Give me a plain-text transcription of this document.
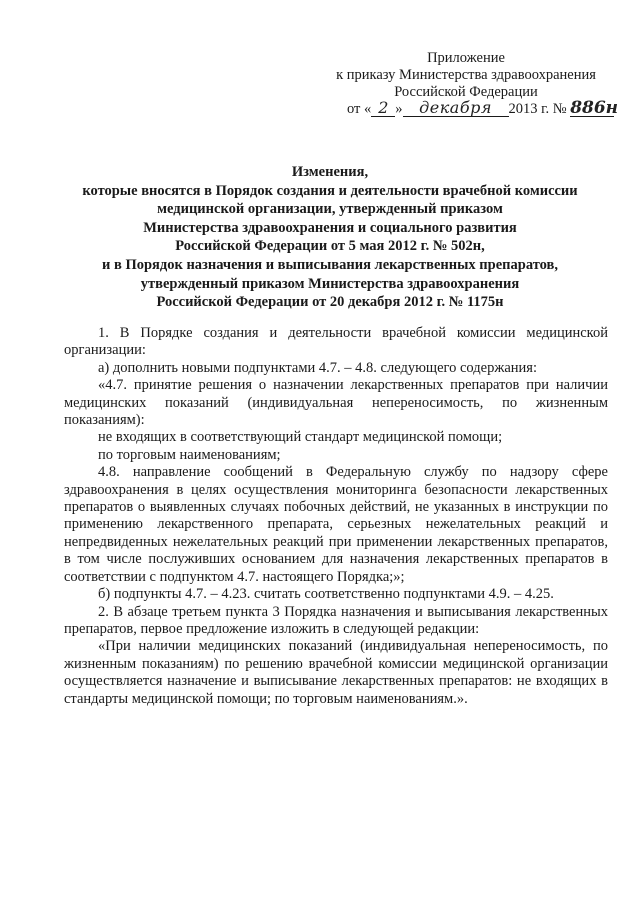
Приложение
к приказу Министерства здравоохранения
Российской Федерации
от « 2 » декабря 2013 г. № 886н
Изменения,
которые вносятся в Порядок создания и деятельности врачебной комиссии
медицинской организации, утвержденный приказом
Министерства здравоохранения и социального развития
Российской Федерации от 5 мая 2012 г. № 502н,
и в Порядок назначения и выписывания лекарственных препаратов,
утвержденный приказом Министерства здравоохранения
Российской Федерации от 20 декабря 2012 г. № 1175н

1. В Порядке создания и деятельности врачебной комиссии медицинской организации:

а) дополнить новыми подпунктами 4.7. – 4.8. следующего содержания:

«4.7. принятие решения о назначении лекарственных препаратов при наличии медицинских показаний (индивидуальная непереносимость, по жизненным показаниям):

не входящих в соответствующий стандарт медицинской помощи;

по торговым наименованиям;

4.8. направление сообщений в Федеральную службу по надзору сфере здравоохранения в целях осуществления мониторинга безопасности лекарственных препаратов о выявленных случаях побочных действий, не указанных в инструкции по применению лекарственного препарата, серьезных нежелательных реакций и непредвиденных нежелательных реакций при применении лекарственных препаратов, в том числе послуживших основанием для назначения лекарственных препаратов в соответствии с подпунктом 4.7. настоящего Порядка;»;

б) подпункты 4.7. – 4.23. считать соответственно подпунктами 4.9. – 4.25.

2. В абзаце третьем пункта 3 Порядка назначения и выписывания лекарственных препаратов, первое предложение изложить в следующей редакции:

«При наличии медицинских показаний (индивидуальная непереносимость, по жизненным показаниям) по решению врачебной комиссии медицинской организации осуществляется назначение и выписывание лекарственных препаратов: не входящих в стандарты медицинской помощи; по торговым наименованиям.».
